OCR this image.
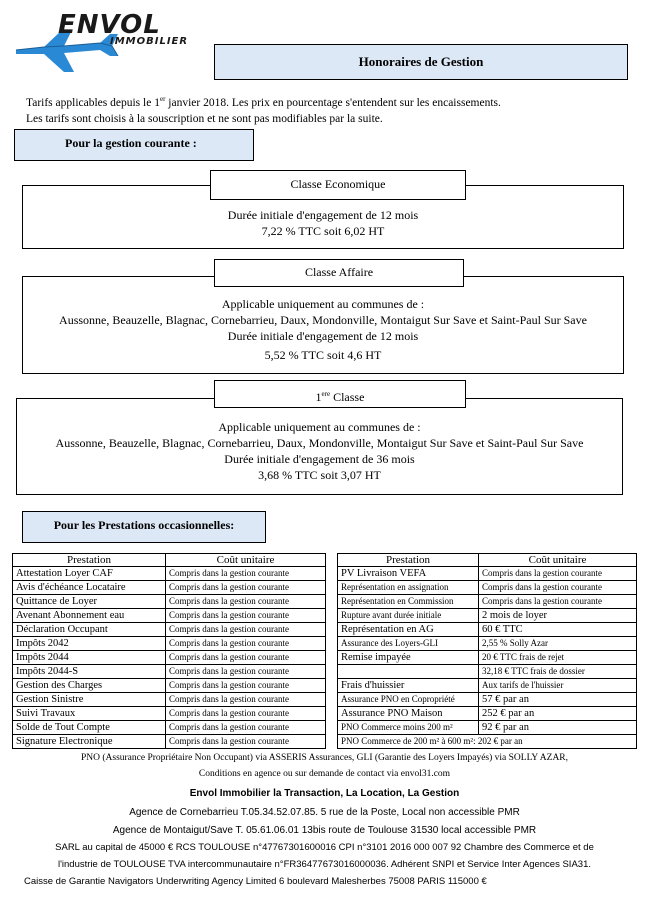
ENVOL
IMMOBILIER
Honoraires de Gestion
Tarifs applicables depuis le 1er janvier 2018. Les prix en pourcentage s'entendent sur les encaissements.
Les tarifs sont choisis à la souscription et ne sont pas modifiables par la suite.
Pour la gestion courante :
Durée initiale d'engagement de 12 mois
7,22 % TTC soit 6,02 HT
Classe Economique
Applicable uniquement au communes de :
Aussonne, Beauzelle, Blagnac, Cornebarrieu, Daux, Mondonville, Montaigut Sur Save et Saint-Paul Sur Save
Durée initiale d'engagement de 12 mois
5,52 % TTC soit 4,6 HT
Classe Affaire
Applicable uniquement au communes de :
Aussonne, Beauzelle, Blagnac, Cornebarrieu, Daux, Mondonville, Montaigut Sur Save et Saint-Paul Sur Save
Durée initiale d'engagement de 36 mois
3,68 % TTC soit 3,07 HT
1ere Classe
Pour les Prestations occasionnelles:
Prestation	Coût unitaire
Attestation Loyer CAF	Compris dans la gestion courante
Avis d'échéance Locataire	Compris dans la gestion courante
Quittance de Loyer	Compris dans la gestion courante
Avenant Abonnement eau	Compris dans la gestion courante
Déclaration Occupant	Compris dans la gestion courante
Impôts 2042	Compris dans la gestion courante
Impôts 2044	Compris dans la gestion courante
Impôts 2044-S	Compris dans la gestion courante
Gestion des Charges	Compris dans la gestion courante
Gestion Sinistre	Compris dans la gestion courante
Suivi Travaux	Compris dans la gestion courante
Solde de Tout Compte	Compris dans la gestion courante
Signature Electronique	Compris dans la gestion courante
Prestation	Coût unitaire
PV Livraison VEFA	Compris dans la gestion courante
Représentation en assignation	Compris dans la gestion courante
Représentation en Commission	Compris dans la gestion courante
Rupture avant durée initiale	2 mois de loyer
Représentation en AG	60 € TTC
Assurance des Loyers-GLI	2,55 % Solly Azar
Remise impayée	20 € TTC frais de rejet
	32,18 € TTC frais de dossier
Frais d'huissier	Aux tarifs de l'huissier
Assurance PNO en Copropriété	57 € par an
Assurance PNO Maison	252 € par an
PNO Commerce moins 200 m²	92 € par an
PNO Commerce de 200 m² à 600 m²: 202 € par an	
PNO (Assurance Propriétaire Non Occupant) via ASSERIS Assurances, GLI (Garantie des Loyers Impayés) via SOLLY AZAR,
Conditions en agence ou sur demande de contact via envol31.com
Envol Immobilier la Transaction, La Location, La Gestion
Agence de Cornebarrieu T.05.34.52.07.85. 5 rue de la Poste, Local non accessible PMR
Agence de Montaigut/Save T. 05.61.06.01 13bis route de Toulouse 31530 local accessible PMR
SARL au capital de 45000 € RCS TOULOUSE n°47767301600016 CPI n°3101 2016 000 007 92 Chambre des Commerce et de
l'industrie de TOULOUSE TVA intercommunautaire n°FR36477673016000036. Adhérent SNPI et Service Inter Agences SIA31.
Caisse de Garantie Navigators Underwriting Agency Limited 6 boulevard Malesherbes 75008 PARIS 115000 €
